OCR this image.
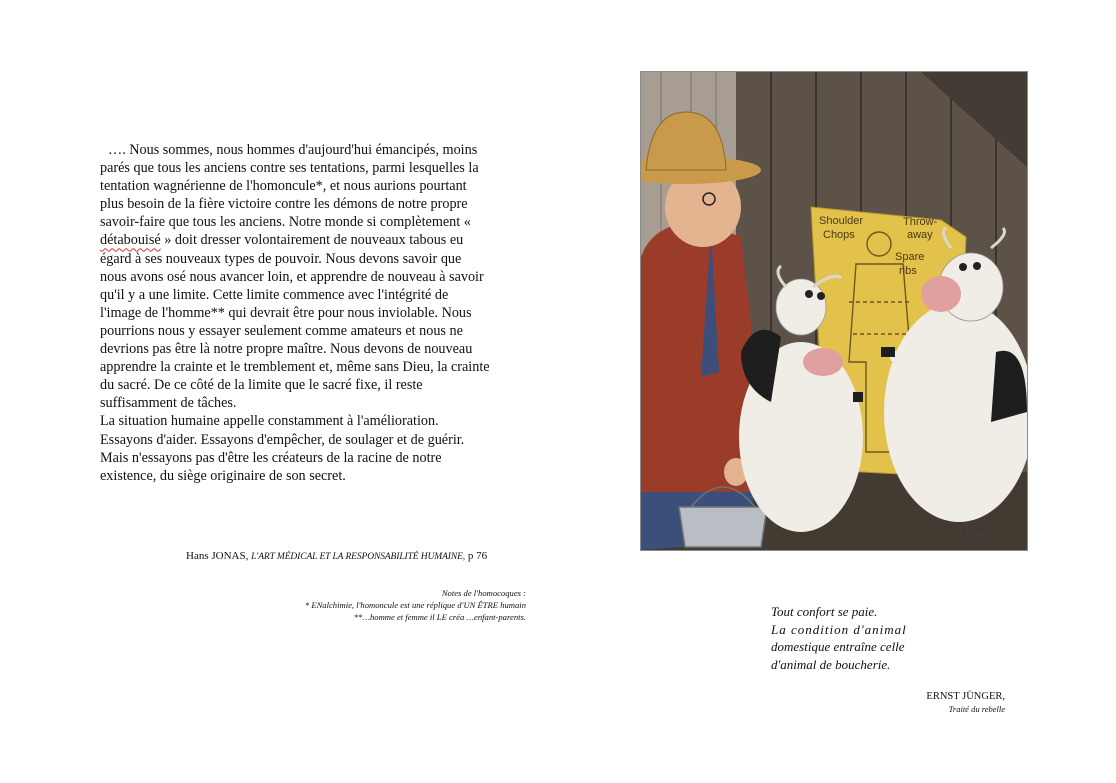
…. Nous sommes, nous hommes d'aujourd'hui émancipés, moins

parés que tous les anciens contre ses tentations, parmi lesquelles la

tentation wagnérienne de l'homoncule*, et nous aurions pourtant

plus besoin de la fière victoire contre les démons de notre propre

savoir-faire que tous les anciens. Notre monde si complètement «

détabouisé » doit dresser volontairement de nouveaux tabous eu

égard à ses nouveaux types de pouvoir. Nous devons savoir que

nous avons osé nous avancer loin, et apprendre de nouveau à savoir

qu'il y a une limite. Cette limite commence avec l'intégrité de

l'image de l'homme** qui devrait être pour nous inviolable. Nous

pourrions nous y essayer seulement comme amateurs et nous ne

devrions pas être là notre propre maître. Nous devons de nouveau

apprendre la crainte et le tremblement et, même sans Dieu, la crainte

du sacré. De ce côté de la limite que le sacré fixe, il reste

suffisamment de tâches.

La situation humaine appelle constamment à l'amélioration.

Essayons d'aider. Essayons d'empêcher, de soulager et de guérir.

Mais n'essayons pas d'être les créateurs de la racine de notre

existence, du siège originaire de son secret.

Hans JONAS, L'ART MÉDICAL ET LA RESPONSABILITÉ HUMAINE, p 76
Notes de l'homocoques :
* ENalchimie, l'homoncule est une réplique d'UN ÊTRE humain
**…homme et femme il LE créa …enfant-parents.
Shoulder
Chops
Throw-
away
Spare
ribs
Larson
Tout confort se paie.
La condition d'animal
domestique entraîne celle
d'animal de boucherie.
ERNST JÜNGER,
Traité du rebelle
